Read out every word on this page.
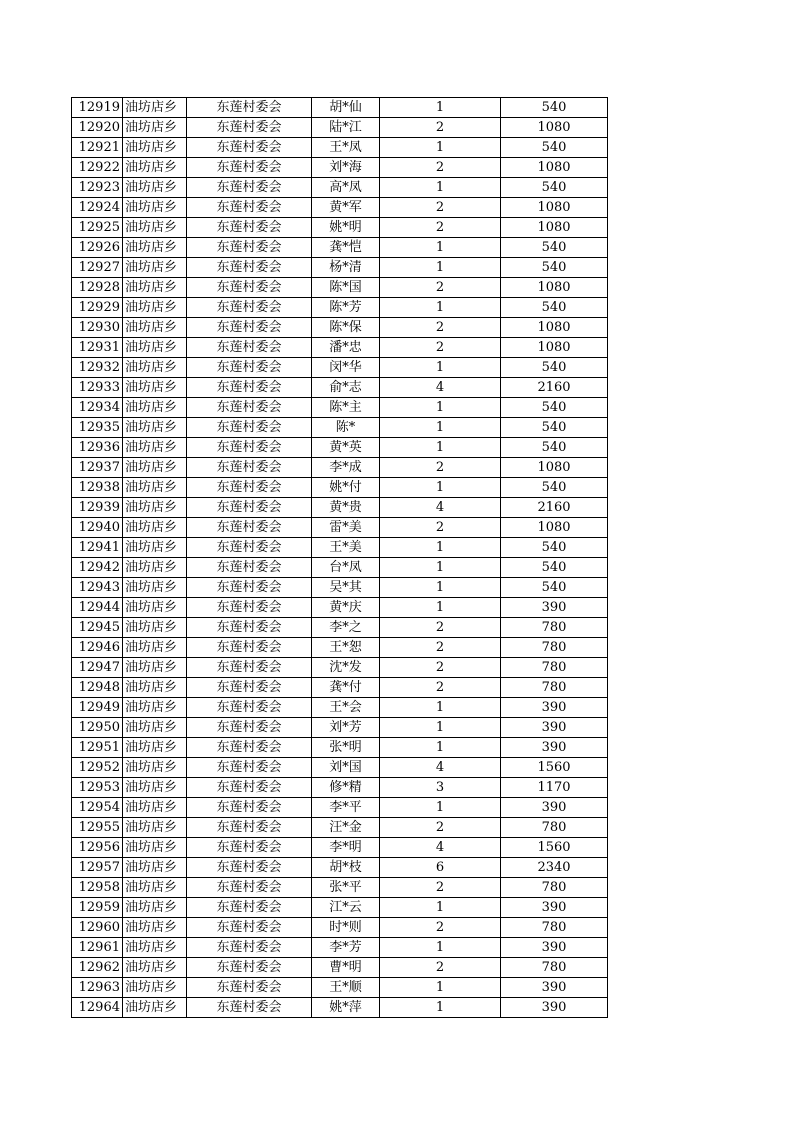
12919	油坊店乡	东莲村委会	胡*仙	1	540
12920	油坊店乡	东莲村委会	陆*江	2	1080
12921	油坊店乡	东莲村委会	王*凤	1	540
12922	油坊店乡	东莲村委会	刘*海	2	1080
12923	油坊店乡	东莲村委会	高*凤	1	540
12924	油坊店乡	东莲村委会	黄*军	2	1080
12925	油坊店乡	东莲村委会	姚*明	2	1080
12926	油坊店乡	东莲村委会	龚*恺	1	540
12927	油坊店乡	东莲村委会	杨*清	1	540
12928	油坊店乡	东莲村委会	陈*国	2	1080
12929	油坊店乡	东莲村委会	陈*芳	1	540
12930	油坊店乡	东莲村委会	陈*保	2	1080
12931	油坊店乡	东莲村委会	潘*忠	2	1080
12932	油坊店乡	东莲村委会	闵*华	1	540
12933	油坊店乡	东莲村委会	俞*志	4	2160
12934	油坊店乡	东莲村委会	陈*主	1	540
12935	油坊店乡	东莲村委会	陈*	1	540
12936	油坊店乡	东莲村委会	黄*英	1	540
12937	油坊店乡	东莲村委会	李*成	2	1080
12938	油坊店乡	东莲村委会	姚*付	1	540
12939	油坊店乡	东莲村委会	黄*贵	4	2160
12940	油坊店乡	东莲村委会	雷*美	2	1080
12941	油坊店乡	东莲村委会	王*美	1	540
12942	油坊店乡	东莲村委会	台*凤	1	540
12943	油坊店乡	东莲村委会	吴*其	1	540
12944	油坊店乡	东莲村委会	黄*庆	1	390
12945	油坊店乡	东莲村委会	李*之	2	780
12946	油坊店乡	东莲村委会	王*恕	2	780
12947	油坊店乡	东莲村委会	沈*发	2	780
12948	油坊店乡	东莲村委会	龚*付	2	780
12949	油坊店乡	东莲村委会	王*会	1	390
12950	油坊店乡	东莲村委会	刘*芳	1	390
12951	油坊店乡	东莲村委会	张*明	1	390
12952	油坊店乡	东莲村委会	刘*国	4	1560
12953	油坊店乡	东莲村委会	修*精	3	1170
12954	油坊店乡	东莲村委会	李*平	1	390
12955	油坊店乡	东莲村委会	汪*金	2	780
12956	油坊店乡	东莲村委会	李*明	4	1560
12957	油坊店乡	东莲村委会	胡*枝	6	2340
12958	油坊店乡	东莲村委会	张*平	2	780
12959	油坊店乡	东莲村委会	江*云	1	390
12960	油坊店乡	东莲村委会	时*则	2	780
12961	油坊店乡	东莲村委会	李*芳	1	390
12962	油坊店乡	东莲村委会	曹*明	2	780
12963	油坊店乡	东莲村委会	王*顺	1	390
12964	油坊店乡	东莲村委会	姚*萍	1	390
